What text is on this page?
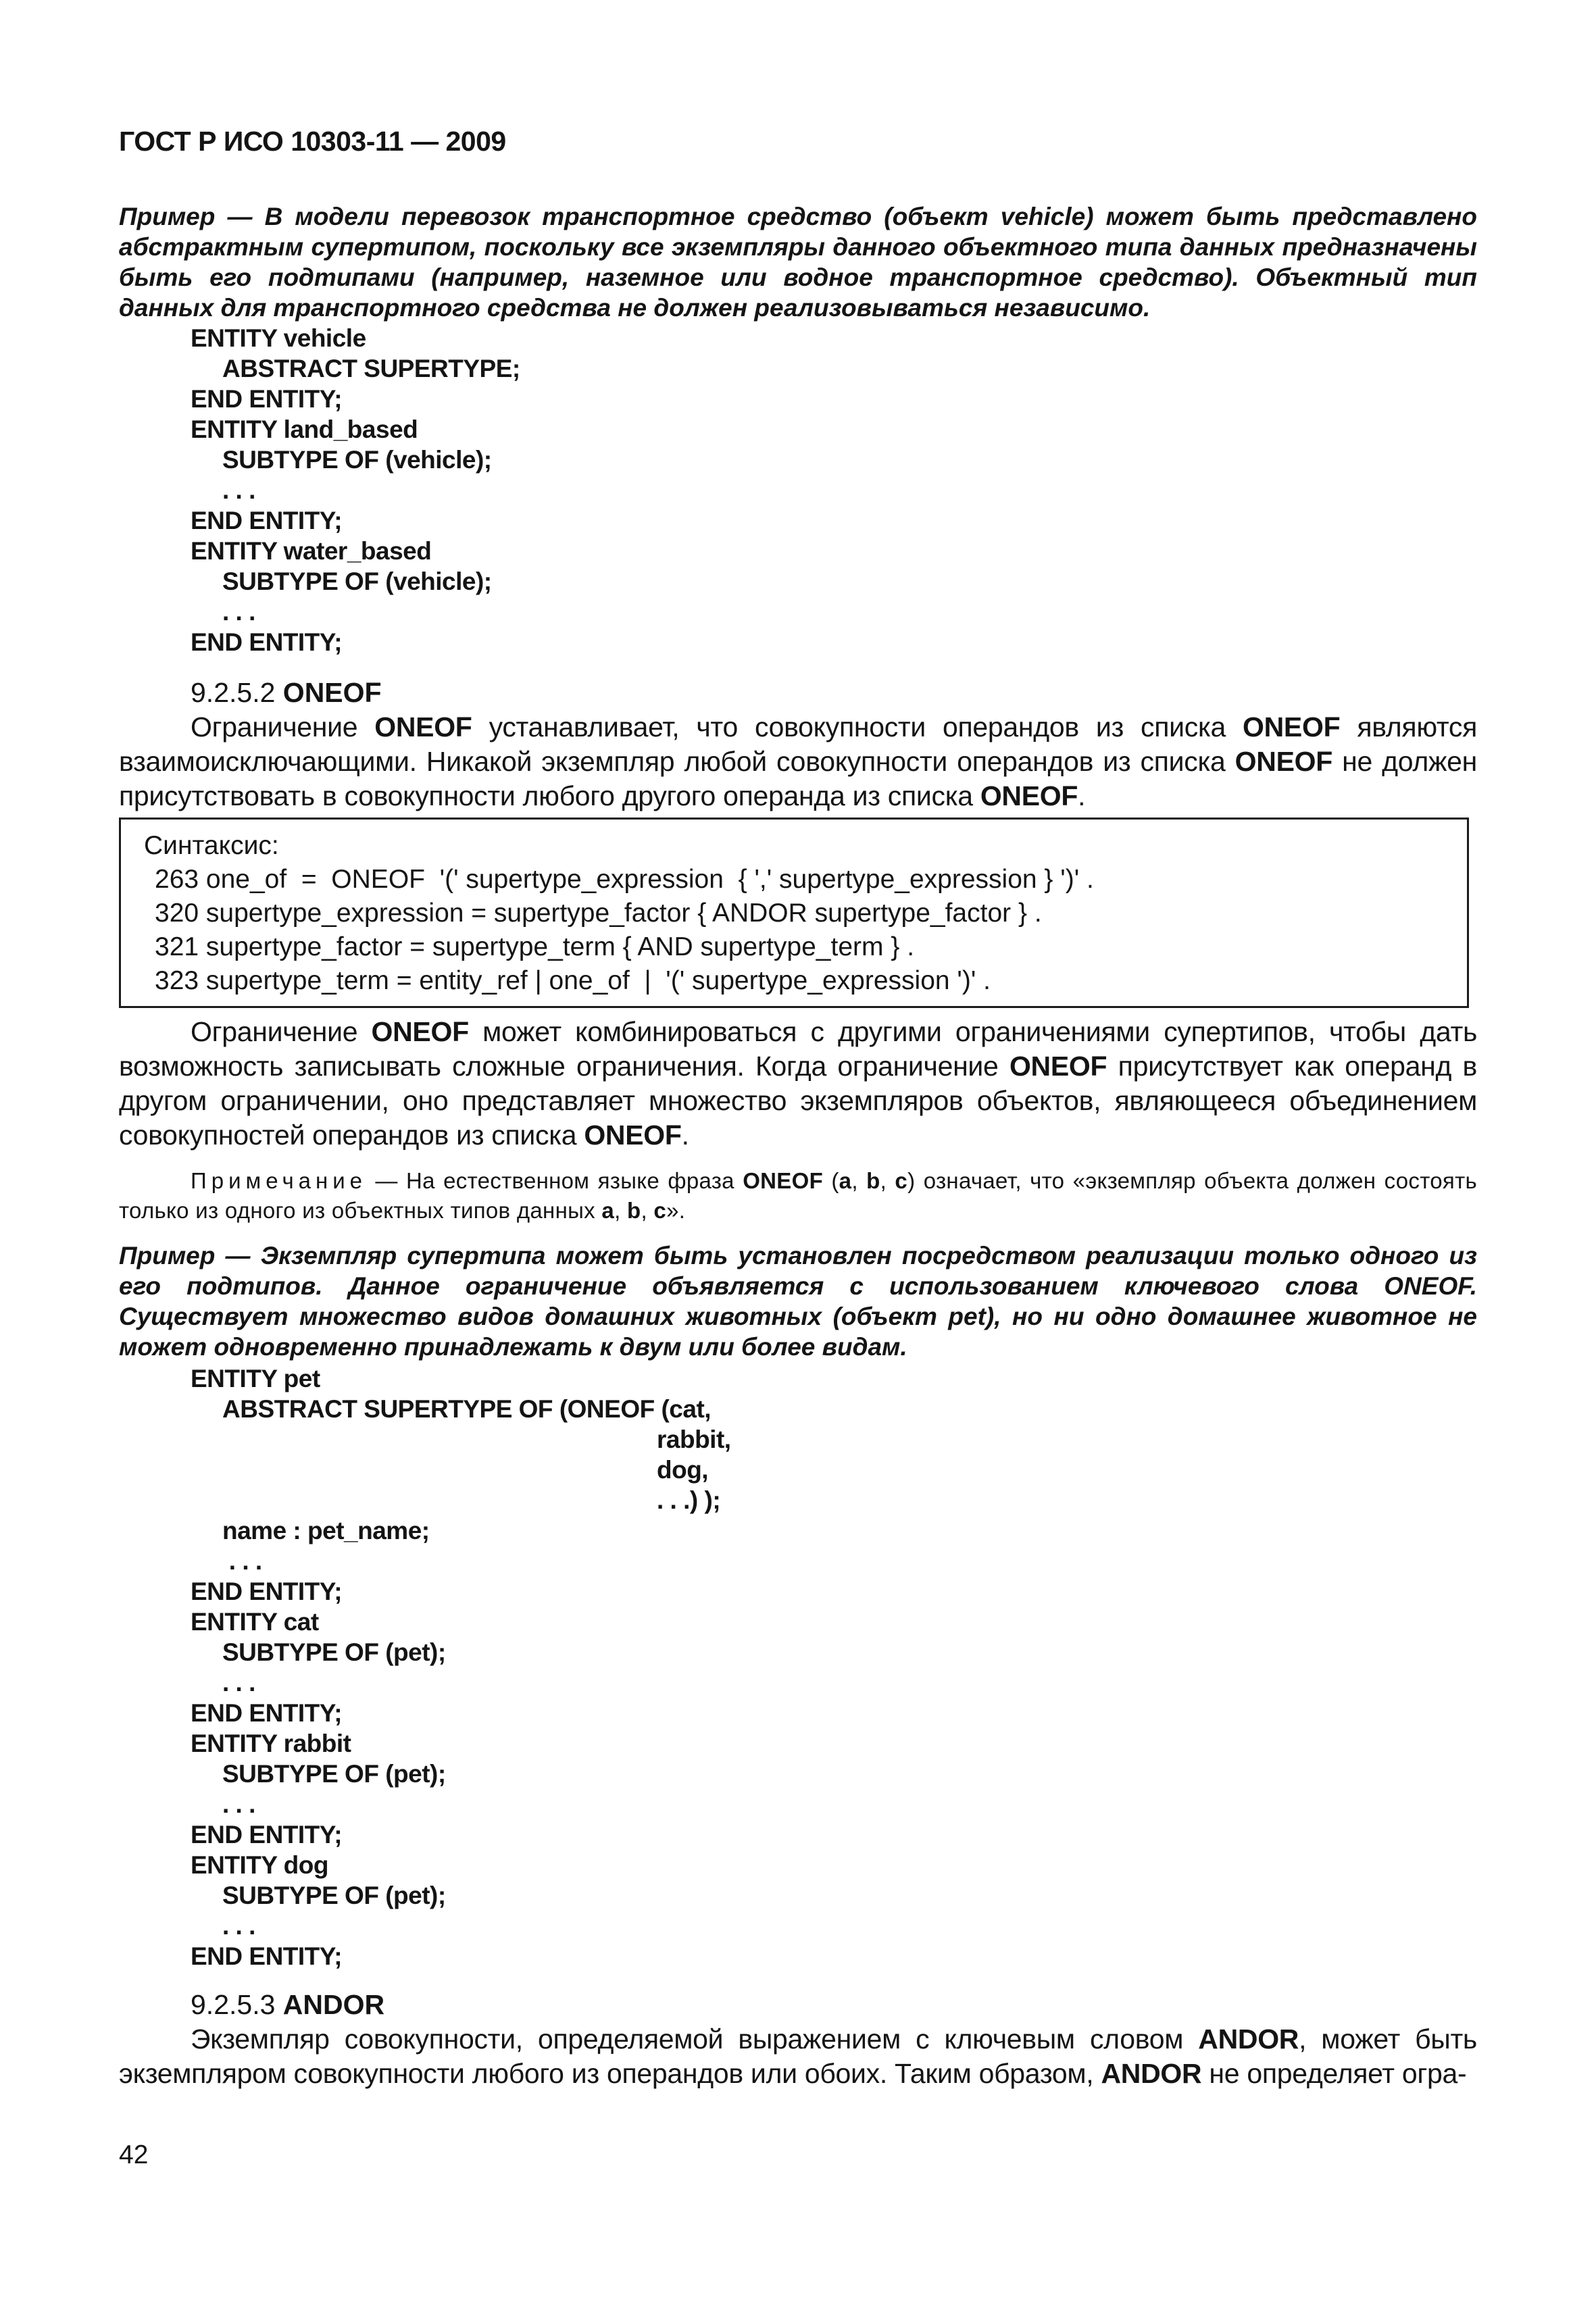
ГОСТ Р ИСО 10303-11 — 2009
Пример — В модели перевозок транспортное средство (объект vehicle) может быть представлено абстрактным супертипом, поскольку все экземпляры данного объектного типа данных предназначены быть его подтипами (например, наземное или водное транспортное средство). Объектный тип данных для транспортного средства не должен реализовываться независимо.
ENTITY vehicle
ABSTRACT SUPERTYPE;
END ENTITY;
ENTITY land_based
SUBTYPE OF (vehicle);
. . .
END ENTITY;
ENTITY water_based
SUBTYPE OF (vehicle);
. . .
END ENTITY;
9.2.5.2 ONEOF
Ограничение ONEOF устанавливает, что совокупности операндов из списка ONEOF являются взаимоисключающими. Никакой экземпляр любой совокупности операндов из списка ONEOF не должен присутствовать в совокупности любого другого операнда из списка ONEOF.
Синтаксис:
263 one_of  =  ONEOF  '(' supertype_expression  { ',' supertype_expression } ')' .
320 supertype_expression = supertype_factor { ANDOR supertype_factor } .
321 supertype_factor = supertype_term { AND supertype_term } .
323 supertype_term = entity_ref | one_of  |  '(' supertype_expression ')' .
Ограничение ONEOF может комбинироваться с другими ограничениями супертипов, чтобы дать возможность записывать сложные ограничения. Когда ограничение ONEOF присутствует как операнд в другом ограничении, оно представляет множество экземпляров объектов, являющееся объединением совокупностей операндов из списка ONEOF.
Примечание — На естественном языке фраза ONEOF (a, b, c) означает, что «экземпляр объекта должен состоять только из одного из объектных типов данных a, b, c».
Пример — Экземпляр супертипа может быть установлен посредством реализации только одного из его подтипов. Данное ограничение объявляется с использованием ключевого слова ONEOF. Существует множество видов домашних животных (объект pet), но ни одно домашнее животное не может одновременно принадлежать к двум или более видам.
ENTITY pet
ABSTRACT SUPERTYPE OF (ONEOF (cat,
rabbit,
dog,
. . .) );
name : pet_name;
. . .
END ENTITY;
ENTITY cat
SUBTYPE OF (pet);
. . .
END ENTITY;
ENTITY rabbit
SUBTYPE OF (pet);
. . .
END ENTITY;
ENTITY dog
SUBTYPE OF (pet);
. . .
END ENTITY;
9.2.5.3 ANDOR
Экземпляр совокупности, определяемой выражением с ключевым словом ANDOR, может быть экземпляром совокупности любого из операндов или обоих. Таким образом, ANDOR не определяет огра-
42
